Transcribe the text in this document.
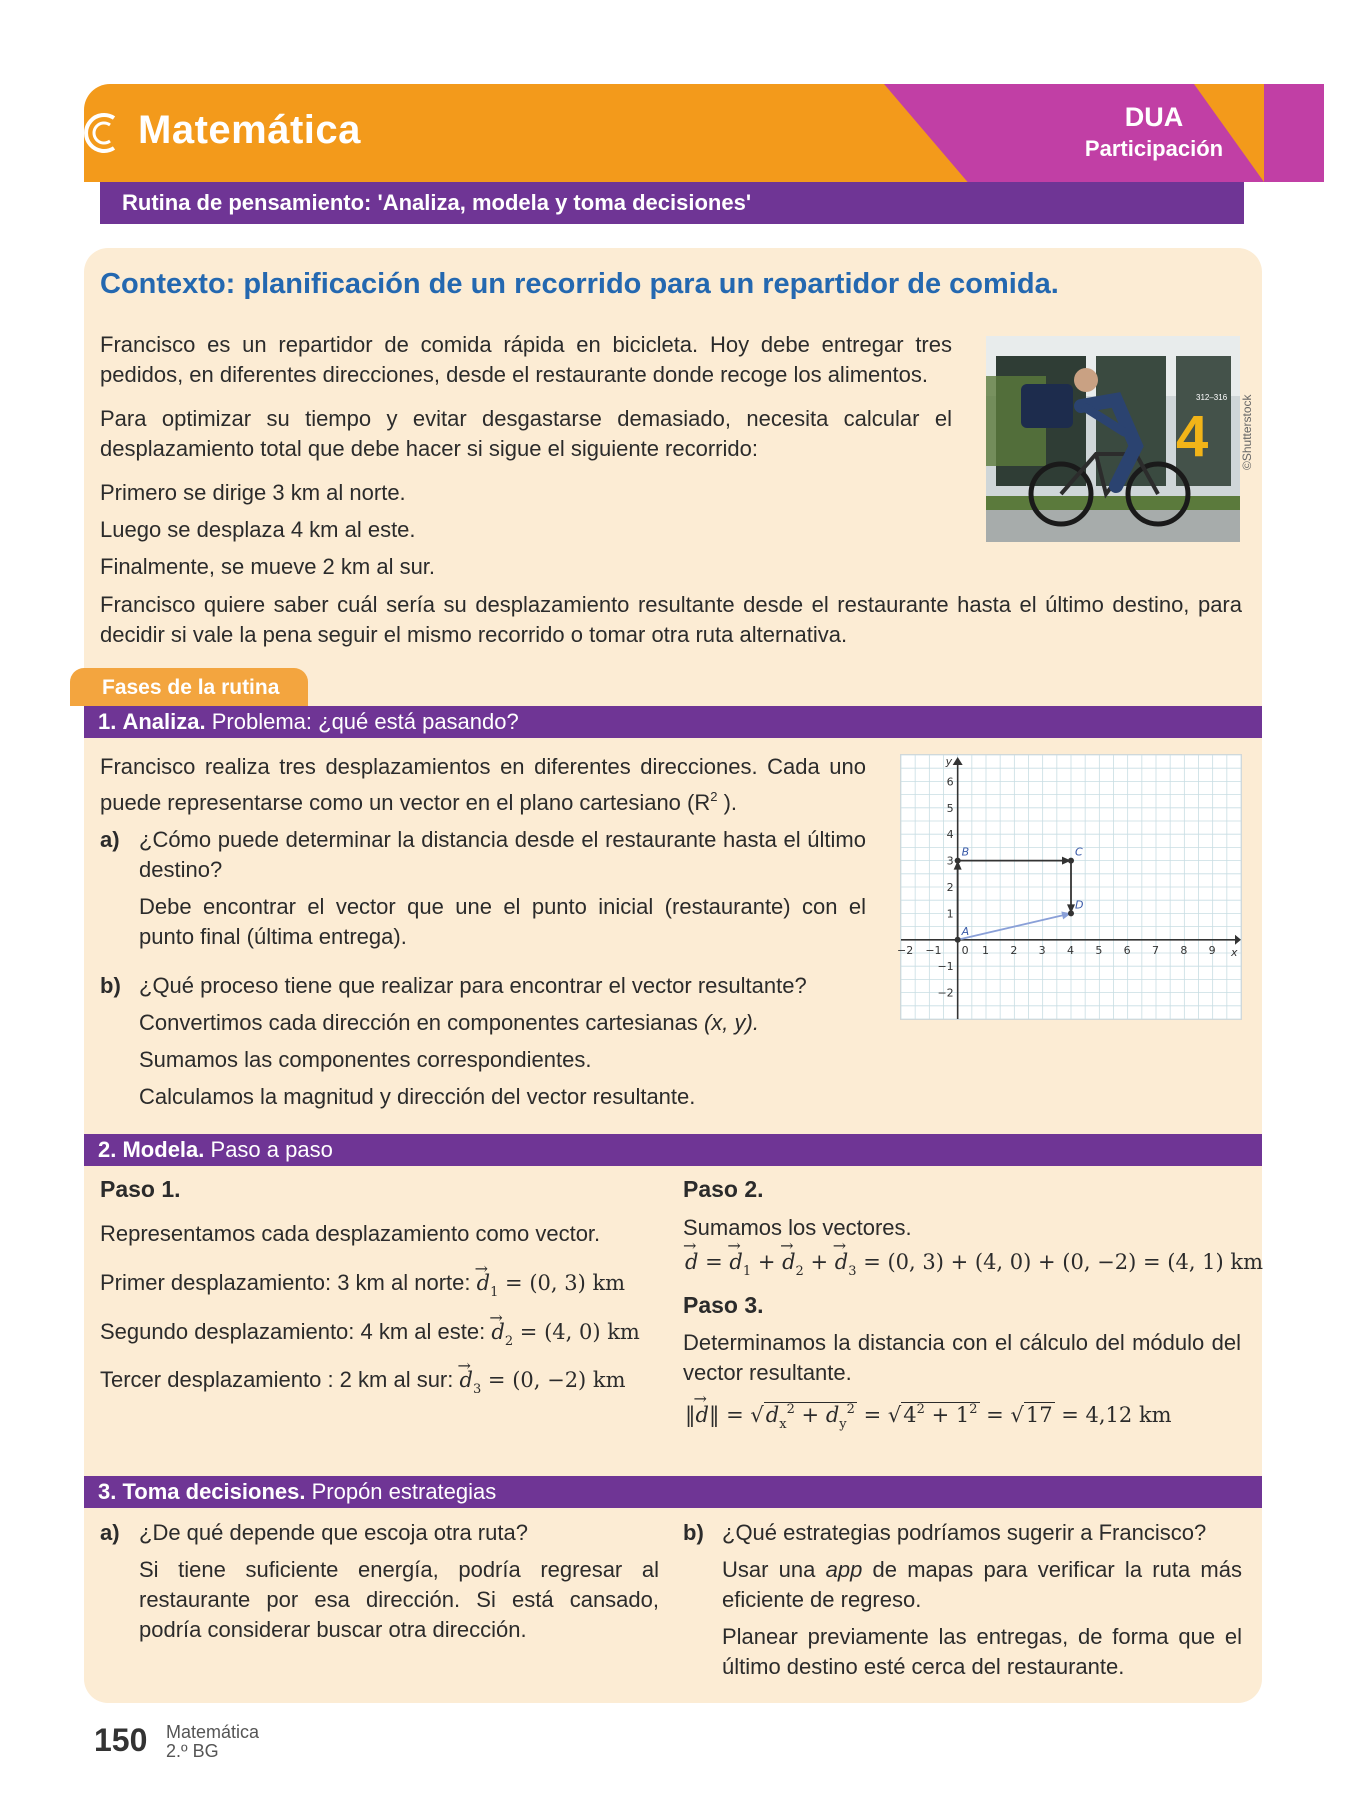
Matemática	DUA
Participación
Rutina de pensamiento: 'Analiza, modela y toma decisiones'
Contexto: planificación de un recorrido para un repartidor de comida.
Francisco es un repartidor de comida rápida en bicicleta. Hoy debe entregar tres pedidos, en diferentes direcciones, desde el restaurante donde recoge los alimentos.
Para optimizar su tiempo y evitar desgastarse demasiado, necesita calcular el desplazamiento total que debe hacer si sigue el siguiente recorrido:
Primero se dirige 3 km al norte.
Luego se desplaza 4 km al este.
Finalmente, se mueve 2 km al sur.
Francisco quiere saber cuál sería su desplazamiento resultante desde el restaurante hasta el último destino, para decidir si vale la pena seguir el mismo recorrido o tomar otra ruta alternativa.
4
312–316 ©Shutterstock
Fases de la rutina
1. Analiza. Problema: ¿qué está pasando?
Francisco realiza tres desplazamientos en diferentes direcciones. Cada uno puede representarse como un vector en el plano cartesiano ($R^2$ ).
a) ¿Cómo puede determinar la distancia desde el restaurante hasta el último destino?
Debe encontrar el vector que une el punto inicial (restaurante) con el punto final (última entrega).
b) ¿Qué proceso tiene que realizar para encontrar el vector resultante?
Convertimos cada dirección en componentes cartesianas (x, y).
Sumamos las componentes correspondientes.
Calculamos la magnitud y dirección del vector resultante.
x
y
−2 −1 0 1 2 3 4 5 6 7 8 9
−2
−1
1
2
3
4
5
6
A
B	C
D
2. Modela. Paso a paso
Paso 1.
Representamos cada desplazamiento como vector.
Primer desplazamiento: 3 km al norte: → $d_1 = (0$, 3) km
Segundo desplazamiento: 4 km al este: → $d_2 = (4$, 0) km
Tercer desplazamiento : 2 km al sur: → $d_3 = (0$, −2) km
Paso 2.
Sumamos los vectores.
→ d = → $d_1$ + → $d_2$ + → $d_3 = (0$, 3) + (4, 0) + (0, −2) = (4, 1) km
Paso 3.
Determinamos la distancia con el cálculo del módulo del vector resultante.
‖→ d‖ = $√d_x^2 + d_y^2 = √4^2 + 1^2 = √17 = 4,12$ km
3. Toma decisiones. Propón estrategias
a) ¿De qué depende que escoja otra ruta?
Si tiene suficiente energía, podría regresar al restaurante por esa dirección. Si está cansado, podría considerar buscar otra dirección.
b) ¿Qué estrategias podríamos sugerir a Francisco?
Usar una app de mapas para verificar la ruta más eficiente de regreso.
Planear previamente las entregas, de forma que el último destino esté cerca del restaurante.
150 Matemática
2.º BG
